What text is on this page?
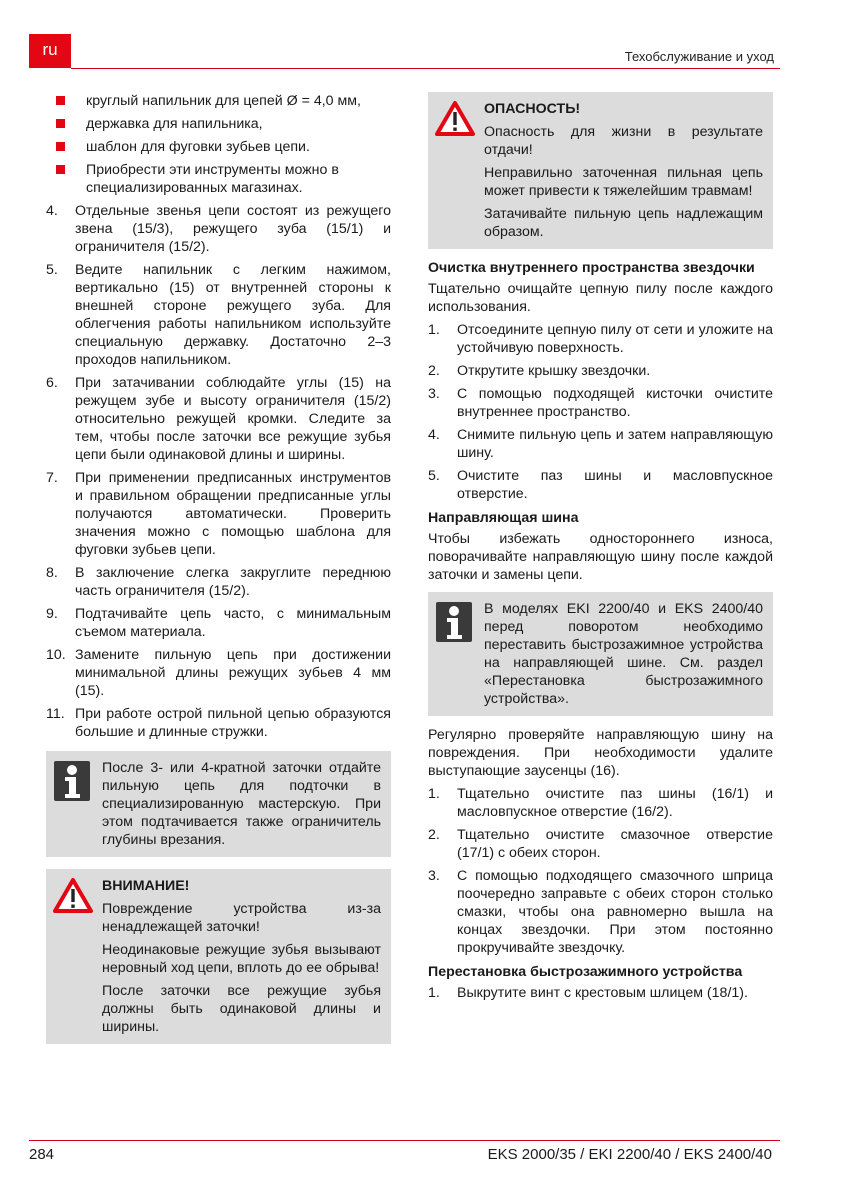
ru	Техобслуживание и уход
круглый напильник для цепей Ø = 4,0 мм,
державка для напильника,
шаблон для фуговки зубьев цепи.
Приобрести эти инструменты можно в специализированных магазинах.
4. Отдельные звенья цепи состоят из режущего звена (15/3), режущего зуба (15/1) и ограничителя (15/2).
5. Ведите напильник с легким нажимом, вертикально (15) от внутренней стороны к внешней стороне режущего зуба. Для облегчения работы напильником используйте специальную державку. Достаточно 2–3 проходов напильником.
6. При затачивании соблюдайте углы (15) на режущем зубе и высоту ограничителя (15/2) относительно режущей кромки. Следите за тем, чтобы после заточки все режущие зубья цепи были одинаковой длины и ширины.
7. При применении предписанных инструментов и правильном обращении предписанные углы получаются автоматически. Проверить значения можно с помощью шаблона для фуговки зубьев цепи.
8. В заключение слегка закруглите переднюю часть ограничителя (15/2).
9. Подтачивайте цепь часто, с минимальным съемом материала.
10. Замените пильную цепь при достижении минимальной длины режущих зубьев 4 мм (15).
11. При работе острой пильной цепью образуются большие и длинные стружки.

После 3- или 4-кратной заточки отдайте пильную цепь для подточки в специализированную мастерскую. При этом подтачивается также ограничитель глубины врезания.

ВНИМАНИЕ!

Повреждение устройства из-за ненадлежащей заточки!

Неодинаковые режущие зубья вызывают неровный ход цепи, вплоть до ее обрыва!

После заточки все режущие зубья должны быть одинаковой длины и ширины.

ОПАСНОСТЬ!

Опасность для жизни в результате отдачи!

Неправильно заточенная пильная цепь может привести к тяжелейшим травмам!

Затачивайте пильную цепь надлежащим образом.

Очистка внутреннего пространства звездочки
Тщательно очищайте цепную пилу после каждого использования.
1. Отсоедините цепную пилу от сети и уложите на устойчивую поверхность.
2. Открутите крышку звездочки.
3. С помощью подходящей кисточки очистите внутреннее пространство.
4. Снимите пильную цепь и затем направляющую шину.
5. Очистите паз шины и масловпускное отверстие.
Направляющая шина
Чтобы избежать одностороннего износа, поворачивайте направляющую шину после каждой заточки и замены цепи.

В моделях EKI 2200/40 и EKS 2400/40 перед поворотом необходимо переставить быстрозажимное устройства на направляющей шине. См. раздел «Перестановка быстрозажимного устройства».

Регулярно проверяйте направляющую шину на повреждения. При необходимости удалите выступающие заусенцы (16).
1. Тщательно очистите паз шины (16/1) и масловпускное отверстие (16/2).
2. Тщательно очистите смазочное отверстие (17/1) с обеих сторон.
3. С помощью подходящего смазочного шприца поочередно заправьте с обеих сторон столько смазки, чтобы она равномерно вышла на концах звездочки. При этом постоянно прокручивайте звездочку.
Перестановка быстрозажимного устройства
1. Выкрутите винт с крестовым шлицем (18/1).
284	EKS 2000/35 / EKI 2200/40 / EKS 2400/40
